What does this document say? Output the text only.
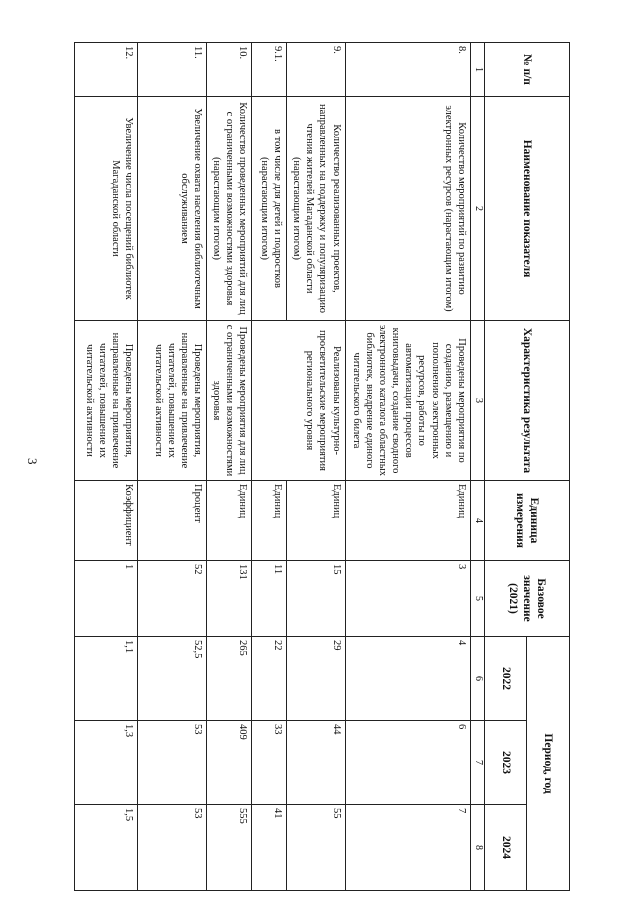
3
№ п/п	Наименование показателя	Характеристика результата	Единица измерения	Базовое значение (2021)	Период, год		
					2022	2023	2024
1	2	3	4	5	6	7	8
8.	Количество мероприятий по развитию электронных ресурсов (нарастающим итогом)	Проведены мероприятия по созданию, размещению и пополнению электронных ресурсов, работы по автоматизации процессов книговыдачи, создание сводного электронного каталога областных библиотек, внедрение единого читательского билета	Единиц	3	4	6	7
9.	Количество реализованных проектов, направленных на поддержку и популяризацию чтения жителей Магаданской области (нарастающим итогом)	Реализованы культурно-просветительские мероприятия регионального уровня	Единиц	15	29	44	55
9.1.	в том числе для детей и подростков (нарастающим итогом)		Единиц	11	22	33	41
10.	Количество проведенных мероприятий для лиц с ограниченными возможностями здоровья (нарастающим итогом)	Проведены мероприятия для лиц с ограниченными возможностями здоровья	Единиц	131	265	409	555
11.	Увеличение охвата населения библиотечным обслуживанием	Проведены мероприятия, направленные на привлечение читателей, повышение их читательской активности	Процент	52	52,5	53	53
12.	Увеличение числа посещений библиотек Магаданской области	Проведены мероприятия, направленные на привлечение читателей, повышение их читательской активности	Коэффициент	1	1,1	1,3	1,5
